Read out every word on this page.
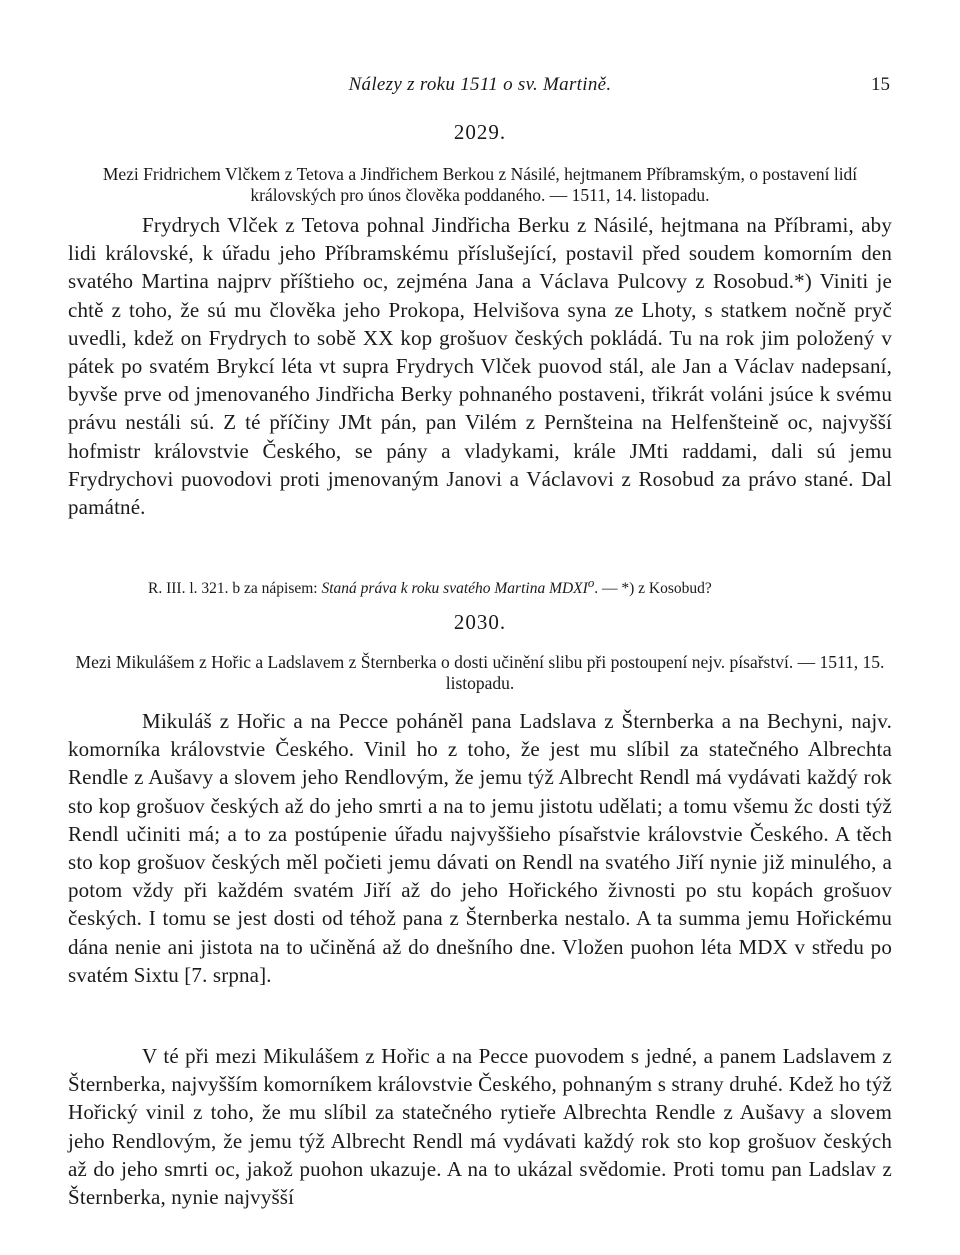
Nálezy z roku 1511 o sv. Martině.	15
2029.
Mezi Fridrichem Vlčkem z Tetova a Jindřichem Berkou z Násilé, hejtmanem Příbramským, o postavení lidí královských pro únos člověka poddaného. — 1511, 14. listopadu.

Frydrych Vlček z Tetova pohnal Jindřicha Berku z Násilé, hejtmana na Příbrami, aby lidi královské, k úřadu jeho Příbramskému příslušející, postavil před soudem komorním den svatého Martina najprv příštieho oc, zejména Jana a Václava Pulcovy z Rosobud.*) Viniti je chtě z toho, že sú mu člověka jeho Prokopa, Helvišova syna ze Lhoty, s statkem nočně pryč uvedli, kdež on Frydrych to sobě XX kop grošuov českých pokládá. Tu na rok jim položený v pátek po svatém Brykcí léta vt supra Frydrych Vlček puovod stál, ale Jan a Václav nadepsaní, byvše prve od jmenovaného Jindřicha Berky pohnaného postaveni, třikrát voláni jsúce k svému právu nestáli sú. Z té příčiny JMt pán, pan Vilém z Pernšteina na Helfenšteině oc, najvyšší hofmistr královstvie Českého, se pány a vladykami, krále JMti raddami, dali sú jemu Frydrychovi puovodovi proti jmenovaným Janovi a Václavovi z Rosobud za právo stané. Dal památné.

R. III. l. 321. b za nápisem: Staná práva k roku svatého Martina MDXI$^o$. — *) z Kosobud?
2030.
Mezi Mikulášem z Hořic a Ladslavem z Šternberka o dosti učinění slibu při postoupení nejv. písařství. — 1511, 15. listopadu.

Mikuláš z Hořic a na Pecce poháněl pana Ladslava z Šternberka a na Bechyni, najv. komorníka královstvie Českého. Vinil ho z toho, že jest mu slíbil za statečného Albrechta Rendle z Aušavy a slovem jeho Rendlovým, že jemu týž Albrecht Rendl má vydávati každý rok sto kop grošuov českých až do jeho smrti a na to jemu jistotu udělati; a tomu všemu žc dosti týž Rendl učiniti má; a to za postúpenie úřadu najvyššieho písařstvie královstvie Českého. A těch sto kop grošuov českých měl počieti jemu dávati on Rendl na svatého Jiří nynie již minulého, a potom vždy při každém svatém Jiří až do jeho Hořického živnosti po stu kopách grošuov českých. I tomu se jest dosti od téhož pana z Šternberka nestalo. A ta summa jemu Hořickému dána nenie ani jistota na to učiněná až do dnešního dne. Vložen puohon léta MDX v středu po svatém Sixtu [7. srpna].

V té při mezi Mikulášem z Hořic a na Pecce puovodem s jedné, a panem Ladslavem z Šternberka, najvyšším komorníkem královstvie Českého, pohnaným s strany druhé. Kdež ho týž Hořický vinil z toho, že mu slíbil za statečného rytieře Albrechta Rendle z Aušavy a slovem jeho Rendlovým, že jemu týž Albrecht Rendl má vydávati každý rok sto kop grošuov českých až do jeho smrti oc, jakož puohon ukazuje. A na to ukázal svědomie. Proti tomu pan Ladslav z Šternberka, nynie najvyšší
